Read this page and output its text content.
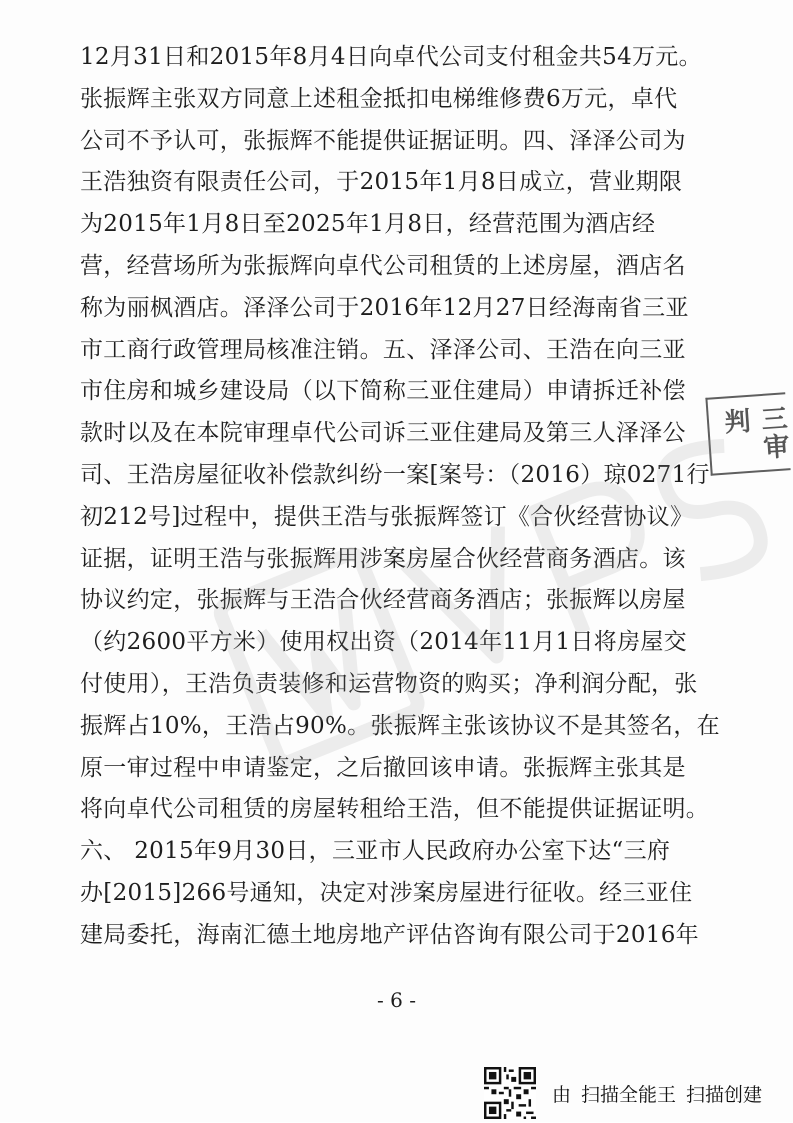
12月31日和2015年8月4日向卓代公司支付租金共54万元。
张振辉主张双方同意上述租金抵扣电梯维修费6万元，卓代
公司不予认可，张振辉不能提供证据证明。四、泽泽公司为
王浩独资有限责任公司，于2015年1月8日成立，营业期限
为2015年1月8日至2025年1月8日，经营范围为酒店经
营，经营场所为张振辉向卓代公司租赁的上述房屋，酒店名
称为丽枫酒店。泽泽公司于2016年12月27日经海南省三亚
市工商行政管理局核准注销。五、泽泽公司、王浩在向三亚
市住房和城乡建设局（以下简称三亚住建局）申请拆迁补偿
款时以及在本院审理卓代公司诉三亚住建局及第三人泽泽公
司、王浩房屋征收补偿款纠纷一案[案号：（2016）琼0271行
初212号]过程中，提供王浩与张振辉签订《合伙经营协议》
证据，证明王浩与张振辉用涉案房屋合伙经营商务酒店。该
协议约定，张振辉与王浩合伙经营商务酒店；张振辉以房屋
（约2600平方米）使用权出资（2014年11月1日将房屋交
付使用），王浩负责装修和运营物资的购买；净利润分配，张
振辉占10%，王浩占90%。张振辉主张该协议不是其签名，在
原一审过程中申请鉴定，之后撤回该申请。张振辉主张其是
将向卓代公司租赁的房屋转租给王浩，但不能提供证据证明。
六、 2015年9月30日，三亚市人民政府办公室下达“三府
办[2015]266号通知，决定对涉案房屋进行征收。经三亚住
建局委托，海南汇德土地房地产评估咨询有限公司于2016年
三审判
- 6 -
由 扫描全能王 扫描创建
